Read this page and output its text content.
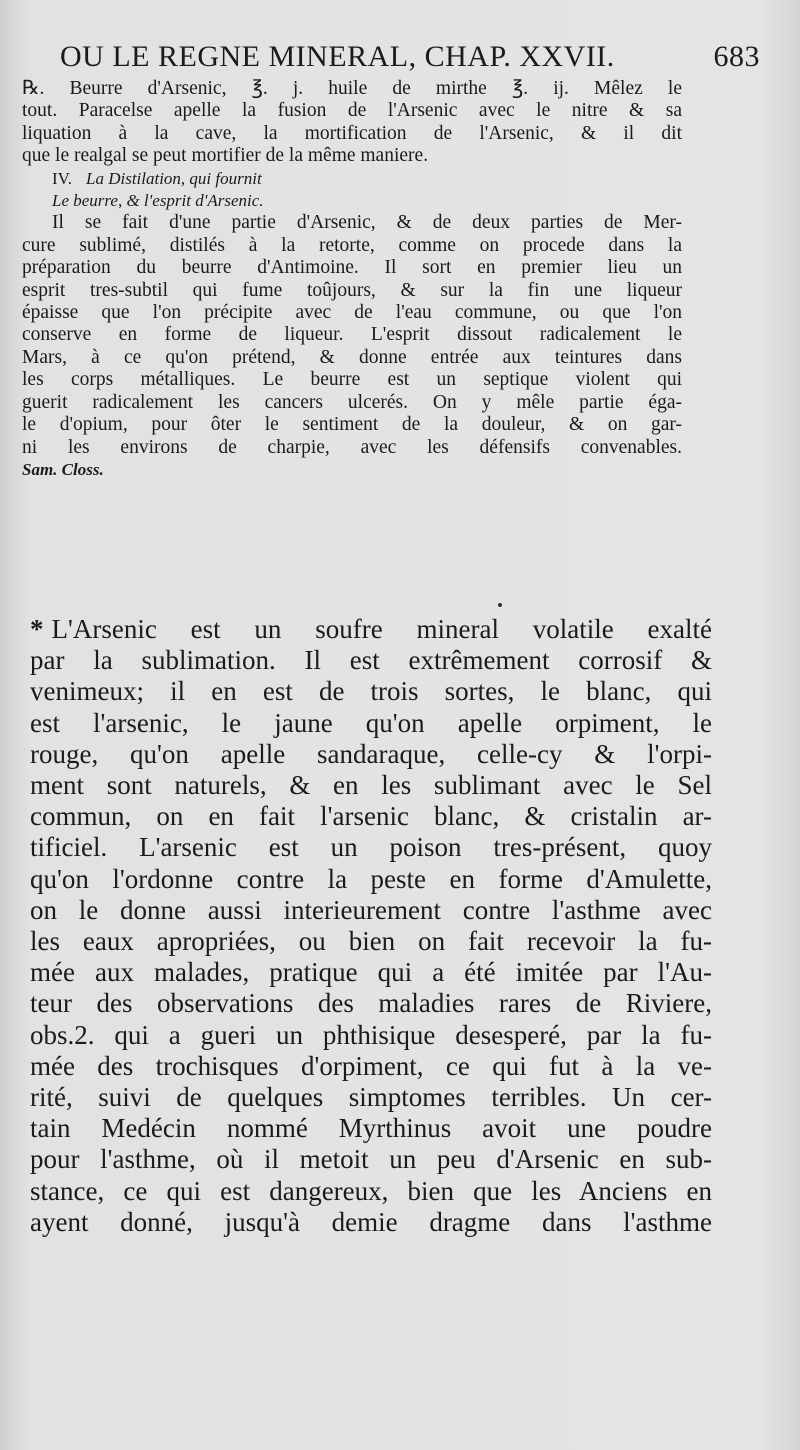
OU LE REGNE MINERAL, CHAP. XXVII.	683

℞. Beurre d'Arsenic, ℥. j. huile de mirthe ℥. ij. Mêlez le
tout. Paracelse apelle la fusion de l'Arsenic avec le nitre & sa
liquation à la cave, la mortification de l'Arsenic, & il dit
que le realgal se peut mortifier de la même maniere.

IV. La Distilation, qui fournit
Le beurre, & l'esprit d'Arsenic.

Il se fait d'une partie d'Arsenic, & de deux parties de Mer-
cure sublimé, distilés à la retorte, comme on procede dans la
préparation du beurre d'Antimoine. Il sort en premier lieu un
esprit tres-subtil qui fume toûjours, & sur la fin une liqueur
épaisse que l'on précipite avec de l'eau commune, ou que l'on
conserve en forme de liqueur. L'esprit dissout radicalement le
Mars, à ce qu'on prétend, & donne entrée aux teintures dans
les corps métalliques. Le beurre est un septique violent qui
guerit radicalement les cancers ulcerés. On y mêle partie éga-
le d'opium, pour ôter le sentiment de la douleur, & on gar-
ni les environs de charpie, avec les défensifs convenables.

Sam. Closs.
* L'Arsenic est un soufre mineral volatile exalté
par la sublimation. Il est extrêmement corrosif &
venimeux; il en est de trois sortes, le blanc, qui
est l'arsenic, le jaune qu'on apelle orpiment, le
rouge, qu'on apelle sandaraque, celle-cy & l'orpi-
ment sont naturels, & en les sublimant avec le Sel
commun, on en fait l'arsenic blanc, & cristalin ar-
tificiel. L'arsenic est un poison tres-présent, quoy
qu'on l'ordonne contre la peste en forme d'Amulette,
on le donne aussi interieurement contre l'asthme avec
les eaux apropriées, ou bien on fait recevoir la fu-
mée aux malades, pratique qui a été imitée par l'Au-
teur des observations des maladies rares de Riviere,
obs.2. qui a gueri un phthisique desesperé, par la fu-
mée des trochisques d'orpiment, ce qui fut à la ve-
rité, suivi de quelques simptomes terribles. Un cer-
tain Medécin nommé Myrthinus avoit une poudre
pour l'asthme, où il metoit un peu d'Arsenic en sub-
stance, ce qui est dangereux, bien que les Anciens en
ayent donné, jusqu'à demie dragme dans l'asthme
